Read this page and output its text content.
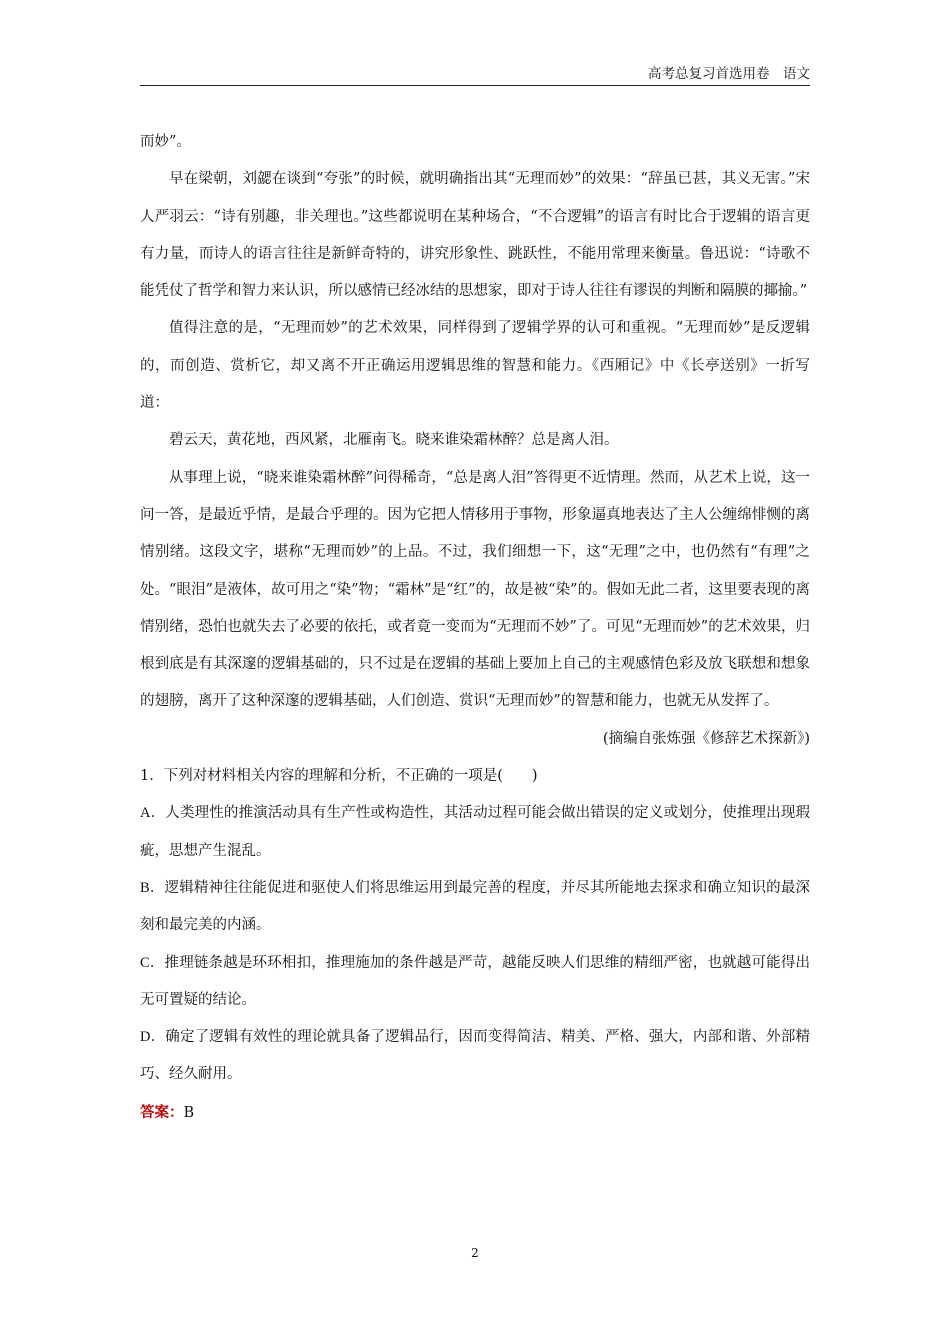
高考总复习首选用卷　语文

而妙”。

早在梁朝，刘勰在谈到“夸张”的时候，就明确指出其“无理而妙”的效果：“辞虽已甚，其义无害。”宋人严羽云：“诗有别趣，非关理也。”这些都说明在某种场合，“不合逻辑”的语言有时比合于逻辑的语言更有力量，而诗人的语言往往是新鲜奇特的，讲究形象性、跳跃性，不能用常理来衡量。鲁迅说：“诗歌不能凭仗了哲学和智力来认识，所以感情已经冰结的思想家，即对于诗人往往有谬误的判断和隔膜的揶揄。”

值得注意的是，“无理而妙”的艺术效果，同样得到了逻辑学界的认可和重视。“无理而妙”是反逻辑的，而创造、赏析它，却又离不开正确运用逻辑思维的智慧和能力。《西厢记》中《长亭送别》一折写道：

碧云天，黄花地，西风紧，北雁南飞。晓来谁染霜林醉？总是离人泪。

从事理上说，“晓来谁染霜林醉”问得稀奇，“总是离人泪”答得更不近情理。然而，从艺术上说，这一问一答，是最近乎情，是最合乎理的。因为它把人情移用于事物，形象逼真地表达了主人公缠绵悱恻的离情别绪。这段文字，堪称“无理而妙”的上品。不过，我们细想一下，这“无理”之中，也仍然有“有理”之处。“眼泪”是液体，故可用之“染”物；“霜林”是“红”的，故是被“染”的。假如无此二者，这里要表现的离情别绪，恐怕也就失去了必要的依托，或者竟一变而为“无理而不妙”了。可见“无理而妙”的艺术效果，归根到底是有其深邃的逻辑基础的，只不过是在逻辑的基础上要加上自己的主观感情色彩及放飞联想和想象的翅膀，离开了这种深邃的逻辑基础，人们创造、赏识“无理而妙”的智慧和能力，也就无从发挥了。

(摘编自张炼强《修辞艺术探新》)

1．下列对材料相关内容的理解和分析，不正确的一项是(　　)

A．人类理性的推演活动具有生产性或构造性，其活动过程可能会做出错误的定义或划分，使推理出现瑕疵，思想产生混乱。

B．逻辑精神往往能促进和驱使人们将思维运用到最完善的程度，并尽其所能地去探求和确立知识的最深刻和最完美的内涵。

C．推理链条越是环环相扣，推理施加的条件越是严苛，越能反映人们思维的精细严密，也就越可能得出无可置疑的结论。

D．确定了逻辑有效性的理论就具备了逻辑品行，因而变得简洁、精美、严格、强大，内部和谐、外部精巧、经久耐用。

答案：B

2
